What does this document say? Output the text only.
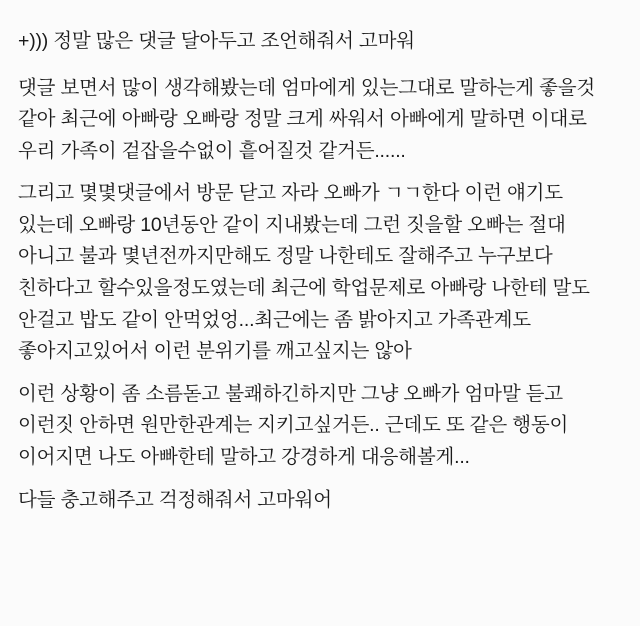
+))) 정말 많은 댓글 달아두고 조언해줘서 고마워
댓글 보면서 많이 생각해봤는데 엄마에게 있는그대로 말하는게 좋을것 같아 최근에 아빠랑 오빠랑 정말 크게 싸워서 아빠에게 말하면 이대로 우리 가족이 겉잡을수없이 흩어질것 같거든......
그리고 몇몇댓글에서 방문 닫고 자라 오빠가 ㄱㄱ한다 이런 얘기도 있는데 오빠랑 10년동안 같이 지내봤는데 그런 짓을할 오빠는 절대 아니고 불과 몇년전까지만해도 정말 나한테도 잘해주고 누구보다 친하다고 할수있을정도였는데 최근에 학업문제로 아빠랑 나한테 말도 안걸고 밥도 같이 안먹었엉...최근에는 좀 밝아지고 가족관계도 좋아지고있어서 이런 분위기를 깨고싶지는 않아
이런 상황이 좀 소름돋고 불쾌하긴하지만 그냥 오빠가 엄마말 듣고 이런짓 안하면 원만한관계는 지키고싶거든.. 근데도 또 같은 행동이 이어지면 나도 아빠한테 말하고 강경하게 대응해볼게...
다들 충고해주고 걱정해줘서 고마워어
